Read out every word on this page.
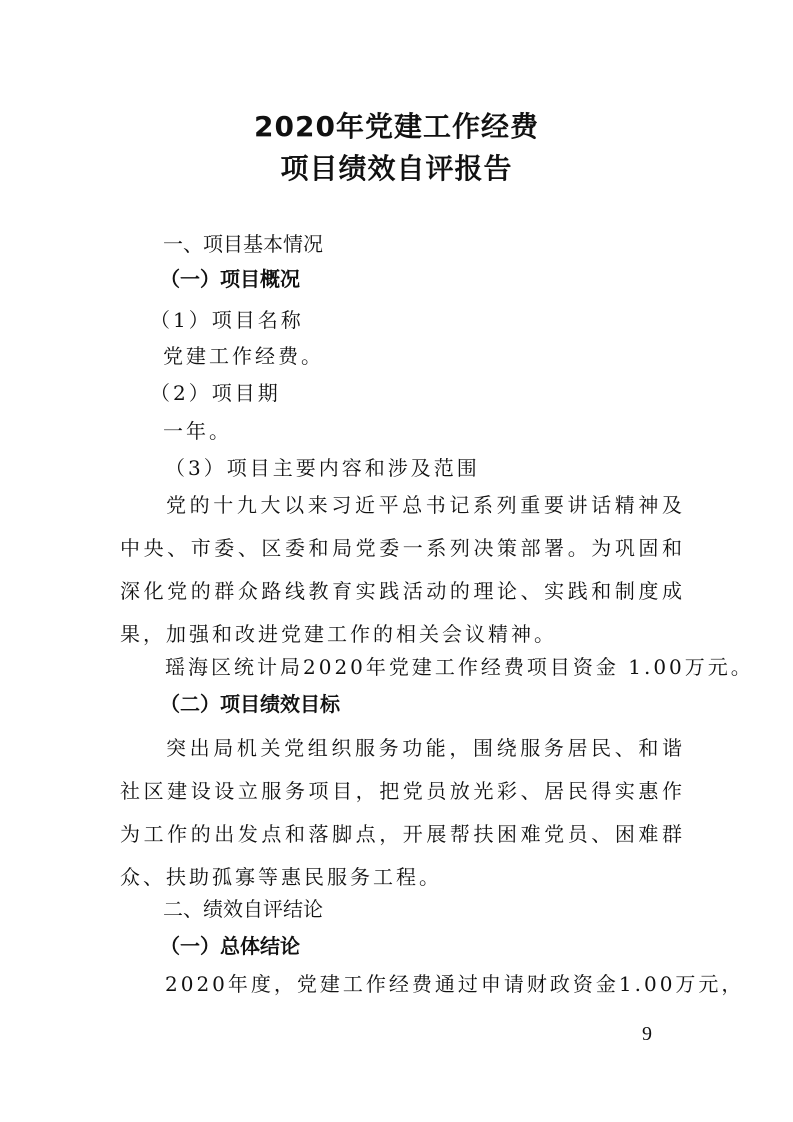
2020年党建工作经费
项目绩效自评报告
一、项目基本情况
（一）项目概况
（1）项目名称
党建工作经费。
（2）项目期
一年。
（3）项目主要内容和涉及范围
党的十九大以来习近平总书记系列重要讲话精神及中央、市委、区委和局党委一系列决策部署。为巩固和深化党的群众路线教育实践活动的理论、实践和制度成果，加强和改进党建工作的相关会议精神。
瑶海区统计局2020年党建工作经费项目资金 1.00万元。
（二）项目绩效目标
突出局机关党组织服务功能，围绕服务居民、和谐社区建设设立服务项目，把党员放光彩、居民得实惠作为工作的出发点和落脚点，开展帮扶困难党员、困难群众、扶助孤寡等惠民服务工程。
二、绩效自评结论
（一）总体结论
2020年度，党建工作经费通过申请财政资金1.00万元，
9
